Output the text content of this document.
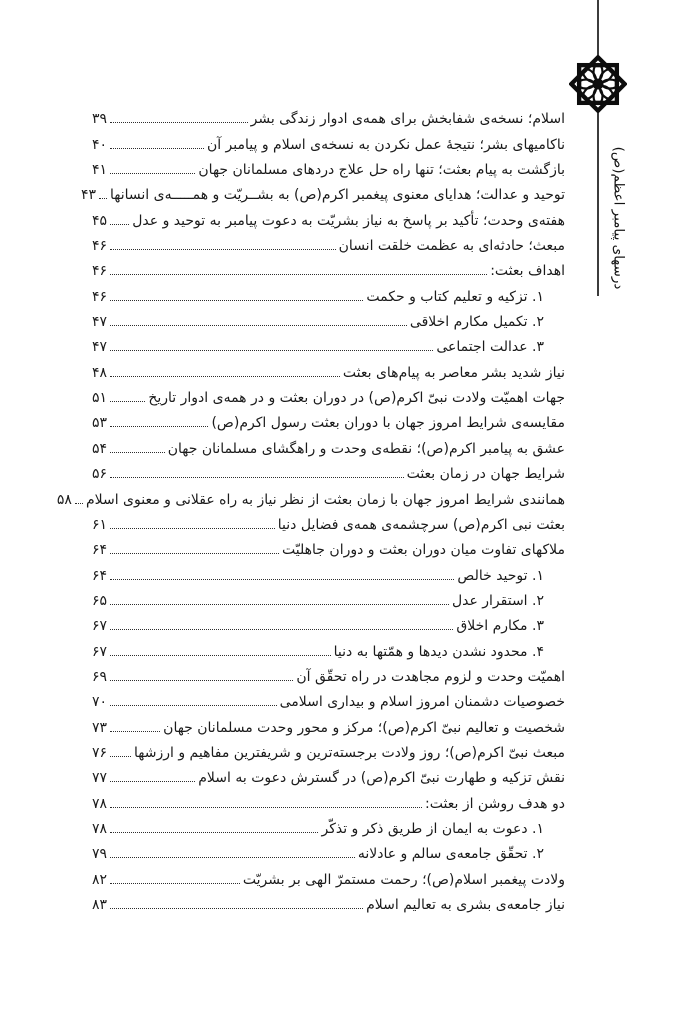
درسهای پیامبر اعظم(ص)
اسلام؛ نسخه‌ی شفابخش برای همه‌ی ادوار زندگی بشر
۳۹
ناکامیهای بشر؛ نتیجهٔ عمل نکردن به نسخه‌ی اسلام و پیامبر آن
۴۰
بازگشت به پیام بعثت؛ تنها راه حل علاج دردهای مسلمانان جهان
۴۱
توحید و عدالت؛ هدایای معنوی پیغمبر اکرم(ص) به بشــریّت و همـــــه‌ی انسانها
۴۳
هفته‌ی وحدت؛ تأکید بر پاسخ به نیاز بشریّت به دعوت پیامبر به توحید و عدل
۴۵
مبعث؛ حادثه‌ای به عظمت خلقت انسان
۴۶
اهداف بعثت:
۴۶
۱. تزکیه و تعلیم کتاب و حکمت
۴۶
۲. تکمیل مکارم اخلاقی
۴۷
۳. عدالت اجتماعی
۴۷
نیاز شدید بشر معاصر به پیام‌های بعثت
۴۸
جهات اهمیّت ولادت نبیّ اکرم(ص) در دوران بعثت و در همه‌ی ادوار تاریخ
۵۱
مقایسه‌ی شرایط امروز جهان با دوران بعثت رسول اکرم(ص)
۵۳
عشق به پیامبر اکرم(ص)؛ نقطه‌ی وحدت و راهگشای مسلمانان جهان
۵۴
شرایط جهان در زمان بعثت
۵۶
همانندی شرایط امروز جهان با زمان بعثت از نظر نیاز به راه عقلانی و معنوی اسلام
۵۸
بعثت نبی اکرم(ص) سرچشمه‌ی همه‌ی فضایل دنیا
۶۱
ملاکهای تفاوت میان دوران بعثت و دوران جاهلیّت
۶۴
۱. توحید خالص
۶۴
۲. استقرار عدل
۶۵
۳. مکارم اخلاق
۶۷
۴. محدود نشدن دیدها و همّتها به دنیا
۶۷
اهمیّت وحدت و لزوم مجاهدت در راه تحقّق آن
۶۹
خصوصیات دشمنان امروز اسلام و بیداری اسلامی
۷۰
شخصیت و تعالیم نبیّ اکرم(ص)؛ مرکز و محور وحدت مسلمانان جهان
۷۳
مبعث نبیّ اکرم(ص)؛ روز ولادت برجسته‌ترین و شریفترین مفاهیم و ارزشها
۷۶
نقش تزکیه و طهارت نبیّ اکرم(ص) در گسترش دعوت به اسلام
۷۷
دو هدف روشن از بعثت:
۷۸
۱. دعوت به ایمان از طریق ذکر و تذکّر
۷۸
۲. تحقّق جامعه‌ی سالم و عادلانه
۷۹
ولادت پیغمبر اسلام(ص)؛ رحمت مستمرّ الهی بر بشریّت
۸۲
نیاز جامعه‌ی بشری به تعالیم اسلام
۸۳
